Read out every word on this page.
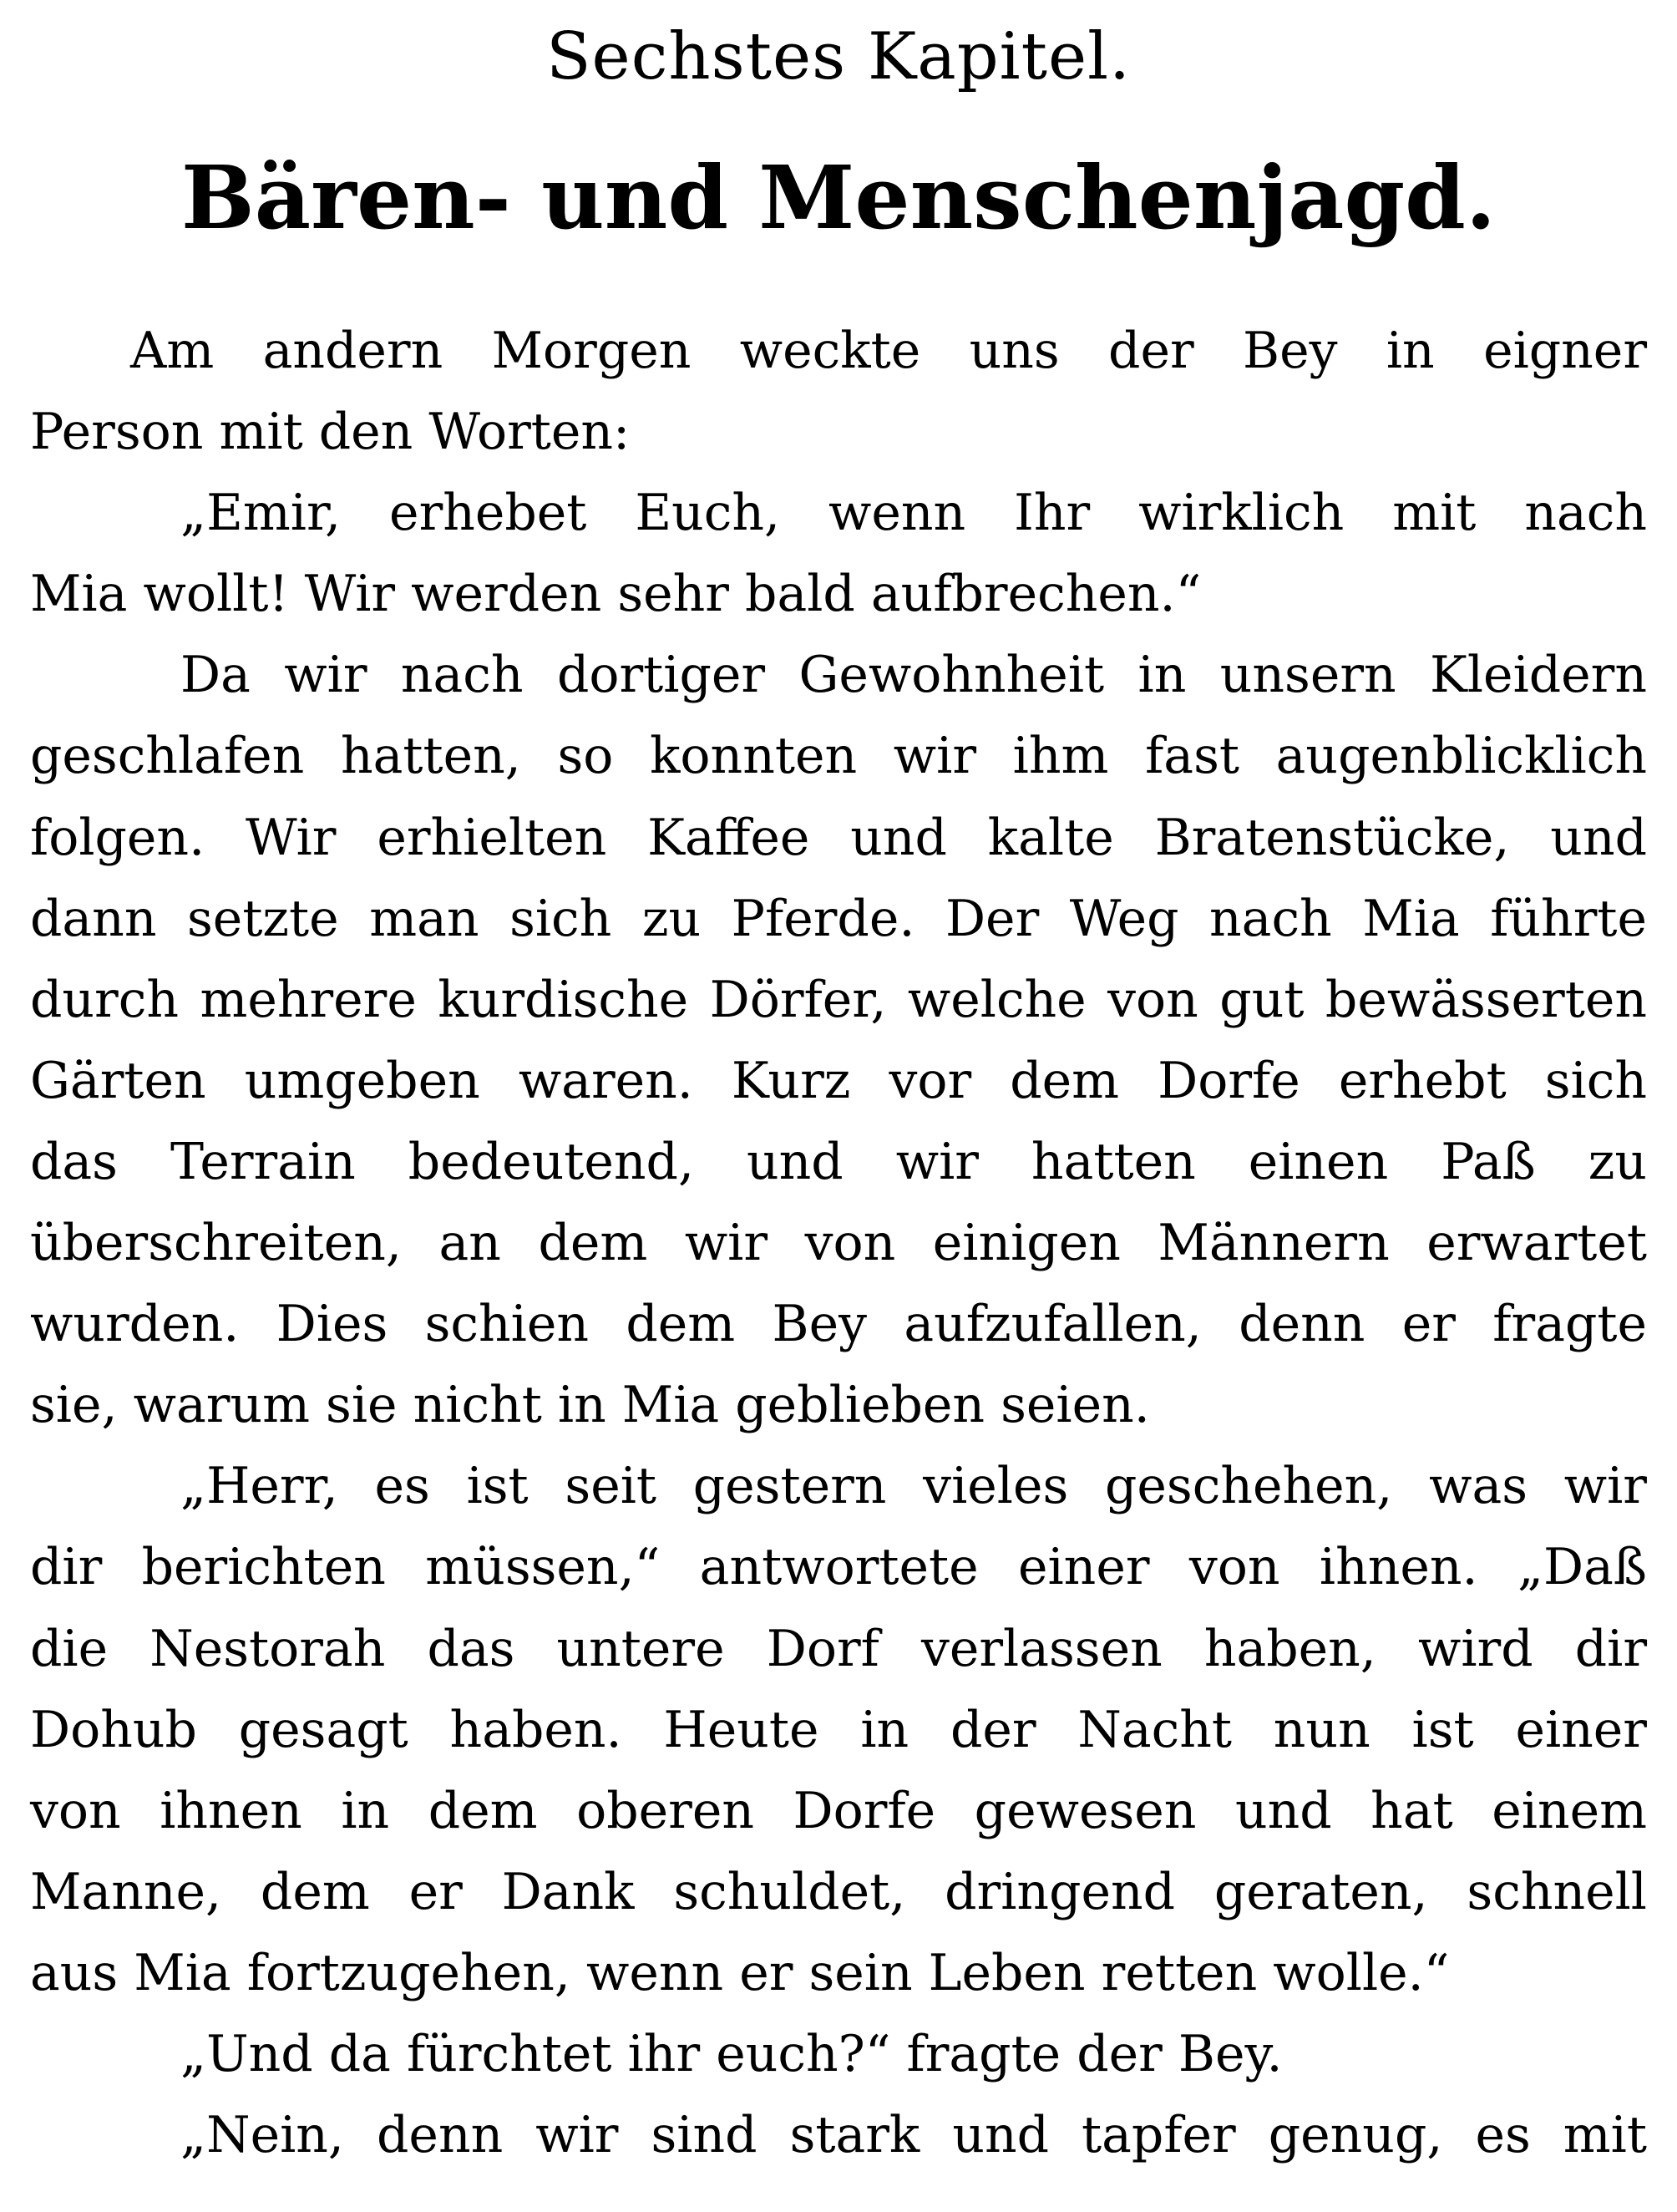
Sechstes Kapitel.
Bären- und Menschenjagd.
Am andern Morgen weckte uns der Bey in eigner
Person mit den Worten:
„Emir, erhebet Euch, wenn Ihr wirklich mit nach
Mia wollt! Wir werden sehr bald aufbrechen.“
Da wir nach dortiger Gewohnheit in unsern Kleidern
geschlafen hatten, so konnten wir ihm fast augenblicklich
folgen. Wir erhielten Kaffee und kalte Bratenstücke, und
dann setzte man sich zu Pferde. Der Weg nach Mia führte
durch mehrere kurdische Dörfer, welche von gut bewässerten
Gärten umgeben waren. Kurz vor dem Dorfe erhebt sich
das Terrain bedeutend, und wir hatten einen Paß zu
überschreiten, an dem wir von einigen Männern erwartet
wurden. Dies schien dem Bey aufzufallen, denn er fragte
sie, warum sie nicht in Mia geblieben seien.
„Herr, es ist seit gestern vieles geschehen, was wir
dir berichten müssen,“ antwortete einer von ihnen. „Daß
die Nestorah das untere Dorf verlassen haben, wird dir
Dohub gesagt haben. Heute in der Nacht nun ist einer
von ihnen in dem oberen Dorfe gewesen und hat einem
Manne, dem er Dank schuldet, dringend geraten, schnell
aus Mia fortzugehen, wenn er sein Leben retten wolle.“
„Und da fürchtet ihr euch?“ fragte der Bey.
„Nein, denn wir sind stark und tapfer genug, es mit
